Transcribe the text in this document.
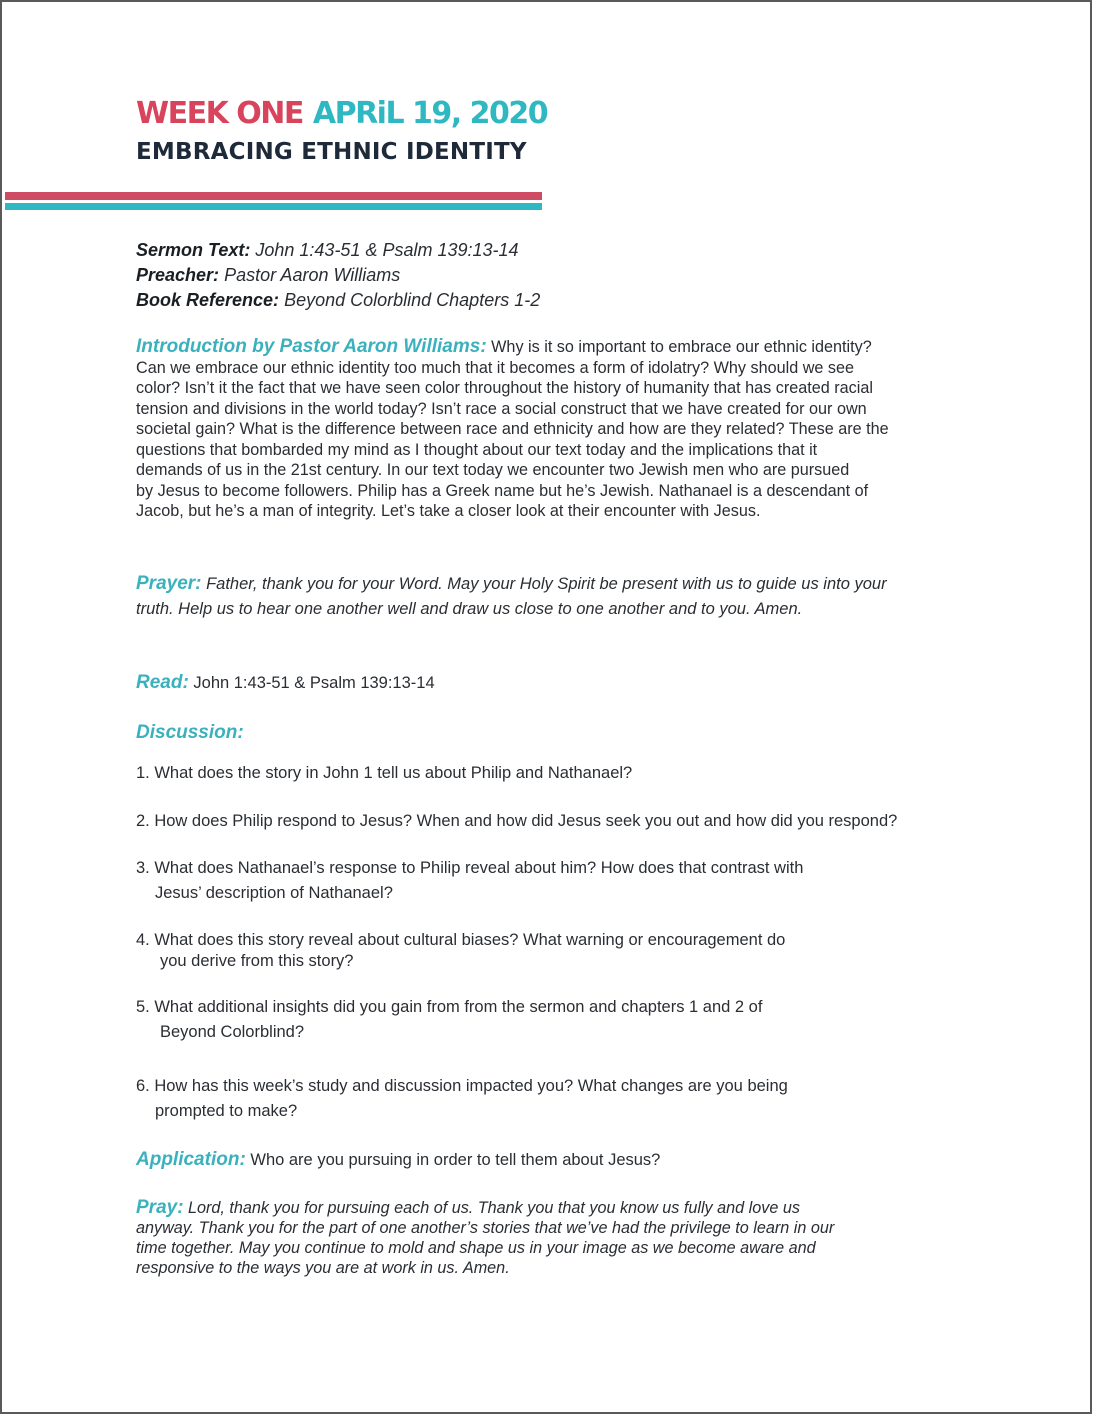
WEEK ONE APRiL 19, 2020
EMBRACING ETHNIC IDENTITY
Sermon Text: John 1:43-51 & Psalm 139:13-14
Preacher: Pastor Aaron Williams
Book Reference: Beyond Colorblind Chapters 1-2
Introduction by Pastor Aaron Williams: Why is it so important to embrace our ethnic identity?
Can we embrace our ethnic identity too much that it becomes a form of idolatry? Why should we see
color? Isn’t it the fact that we have seen color throughout the history of humanity that has created racial
tension and divisions in the world today? Isn’t race a social construct that we have created for our own
societal gain? What is the difference between race and ethnicity and how are they related? These are the
questions that bombarded my mind as I thought about our text today and the implications that it
demands of us in the 21st century. In our text today we encounter two Jewish men who are pursued
by Jesus to become followers. Philip has a Greek name but he’s Jewish. Nathanael is a descendant of
Jacob, but he’s a man of integrity. Let’s take a closer look at their encounter with Jesus.
Prayer: Father, thank you for your Word. May your Holy Spirit be present with us to guide us into your
truth. Help us to hear one another well and draw us close to one another and to you. Amen.
Read: John 1:43-51 & Psalm 139:13-14
Discussion:
1. What does the story in John 1 tell us about Philip and Nathanael?
2. How does Philip respond to Jesus? When and how did Jesus seek you out and how did you respond?
3. What does Nathanael’s response to Philip reveal about him? How does that contrast with
Jesus’ description of Nathanael?
4. What does this story reveal about cultural biases? What warning or encouragement do
you derive from this story?
5. What additional insights did you gain from from the sermon and chapters 1 and 2 of
Beyond Colorblind?
6. How has this week’s study and discussion impacted you? What changes are you being
prompted to make?
Application: Who are you pursuing in order to tell them about Jesus?
Pray: Lord, thank you for pursuing each of us. Thank you that you know us fully and love us
anyway. Thank you for the part of one another’s stories that we’ve had the privilege to learn in our
time together. May you continue to mold and shape us in your image as we become aware and
responsive to the ways you are at work in us. Amen.
